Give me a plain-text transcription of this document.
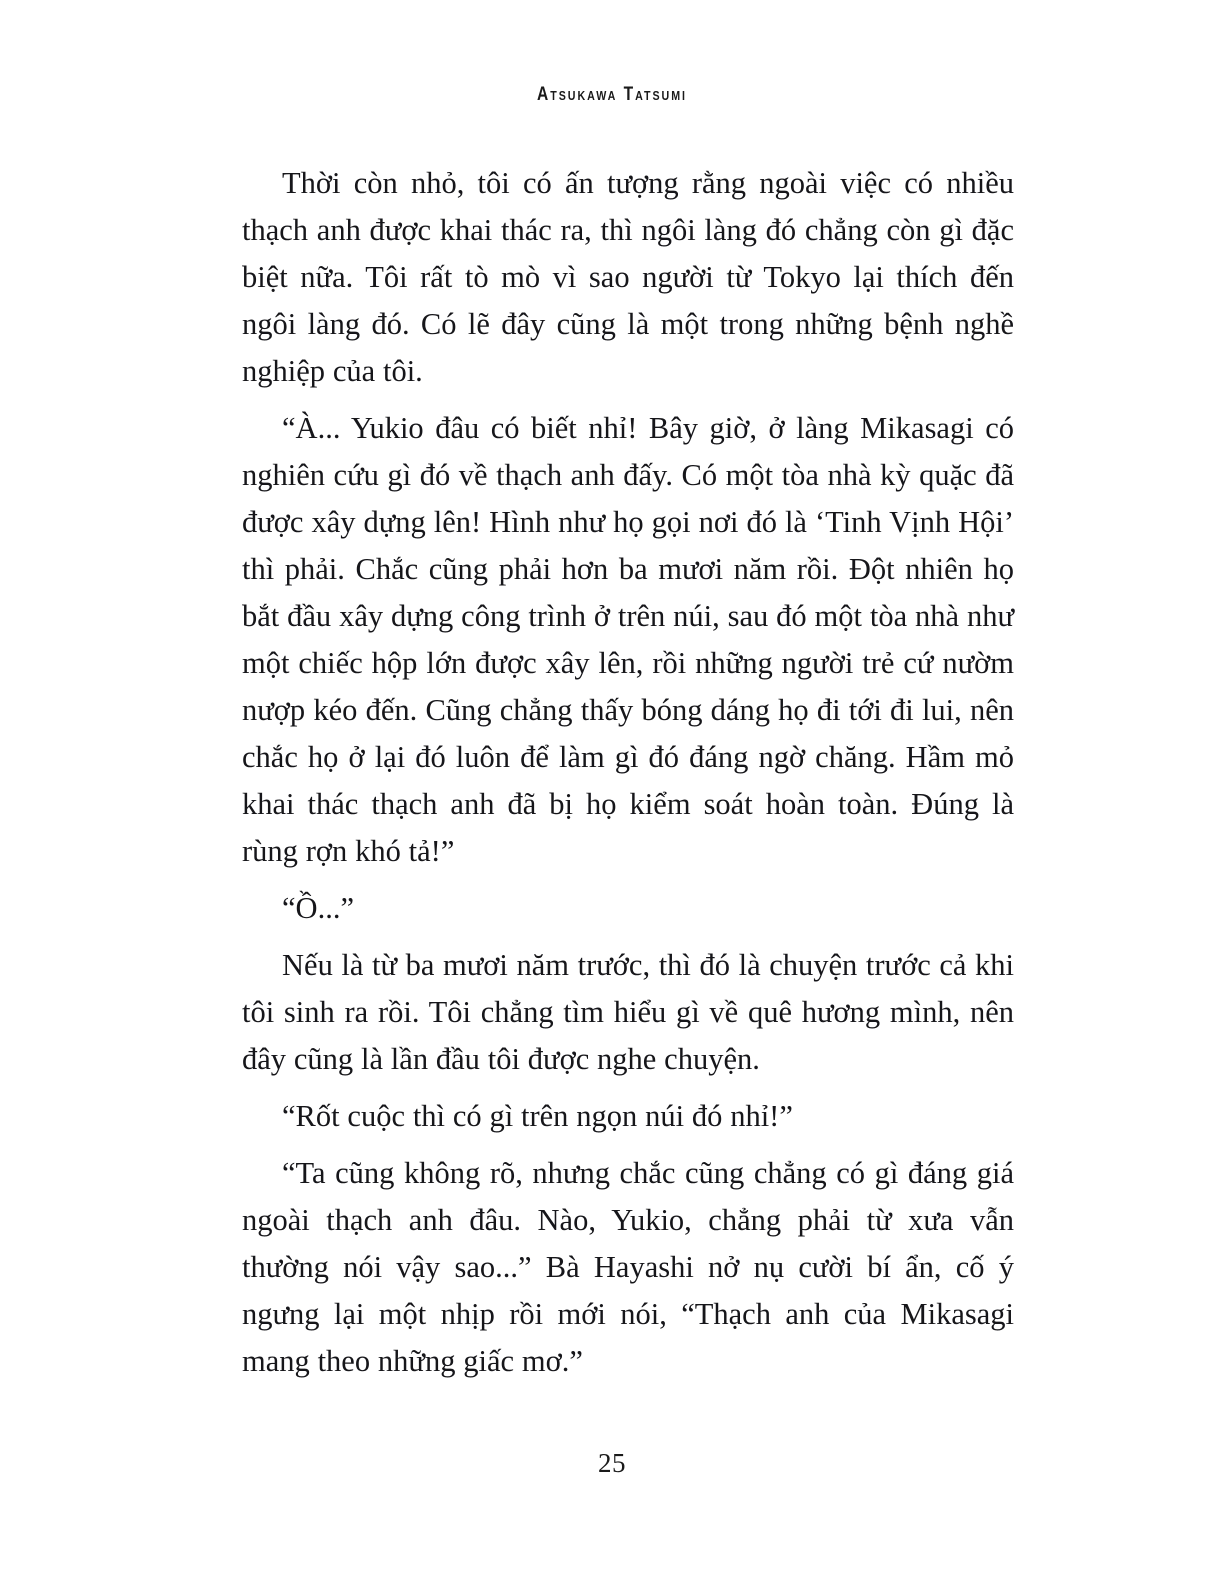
Atsukawa Tatsumi

Thời còn nhỏ, tôi có ấn tượng rằng ngoài việc có nhiều thạch anh được khai thác ra, thì ngôi làng đó chẳng còn gì đặc biệt nữa. Tôi rất tò mò vì sao người từ Tokyo lại thích đến ngôi làng đó. Có lẽ đây cũng là một trong những bệnh nghề nghiệp của tôi.

“À... Yukio đâu có biết nhỉ! Bây giờ, ở làng Mikasagi có nghiên cứu gì đó về thạch anh đấy. Có một tòa nhà kỳ quặc đã được xây dựng lên! Hình như họ gọi nơi đó là ‘Tinh Vịnh Hội’ thì phải. Chắc cũng phải hơn ba mươi năm rồi. Đột nhiên họ bắt đầu xây dựng công trình ở trên núi, sau đó một tòa nhà như một chiếc hộp lớn được xây lên, rồi những người trẻ cứ nườm nượp kéo đến. Cũng chẳng thấy bóng dáng họ đi tới đi lui, nên chắc họ ở lại đó luôn để làm gì đó đáng ngờ chăng. Hầm mỏ khai thác thạch anh đã bị họ kiểm soát hoàn toàn. Đúng là rùng rợn khó tả!”

“Ồ...”

Nếu là từ ba mươi năm trước, thì đó là chuyện trước cả khi tôi sinh ra rồi. Tôi chẳng tìm hiểu gì về quê hương mình, nên đây cũng là lần đầu tôi được nghe chuyện.

“Rốt cuộc thì có gì trên ngọn núi đó nhỉ!”

“Ta cũng không rõ, nhưng chắc cũng chẳng có gì đáng giá ngoài thạch anh đâu. Nào, Yukio, chẳng phải từ xưa vẫn thường nói vậy sao...” Bà Hayashi nở nụ cười bí ẩn, cố ý ngưng lại một nhịp rồi mới nói, “Thạch anh của Mikasagi mang theo những giấc mơ.”

25
